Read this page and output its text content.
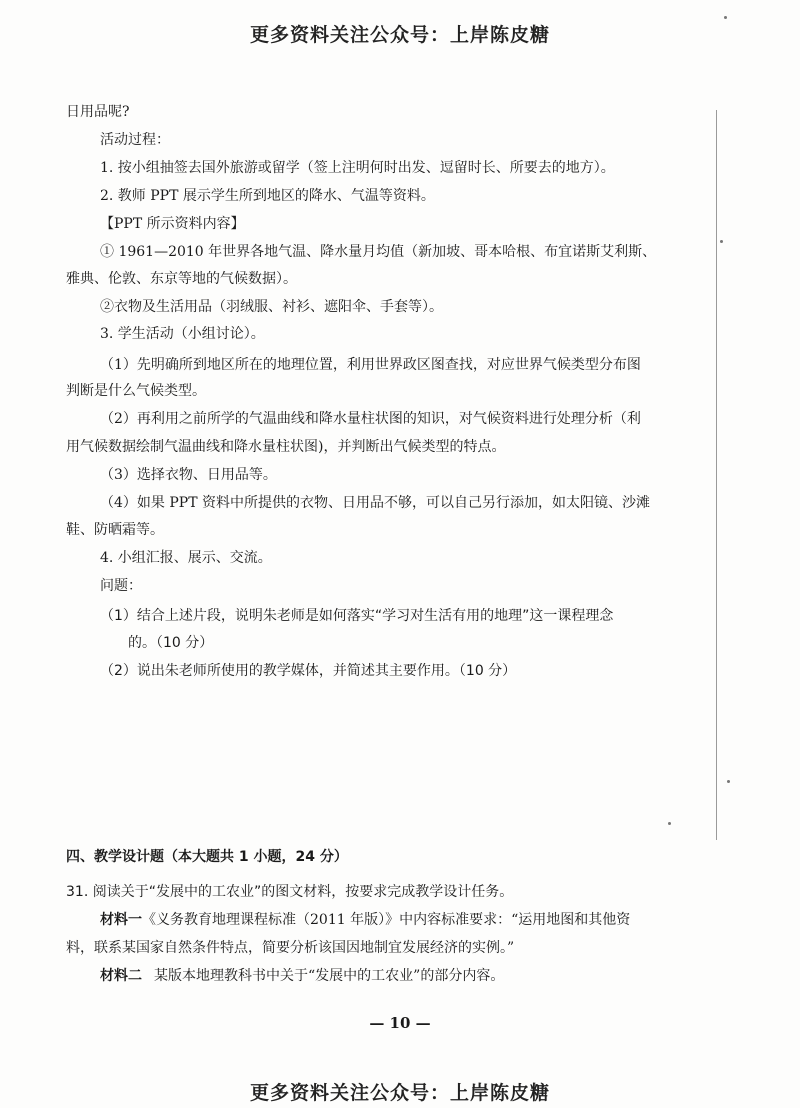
更多资料关注公众号：上岸陈皮糖
日用品呢?
活动过程：
1. 按小组抽签去国外旅游或留学（签上注明何时出发、逗留时长、所要去的地方）。
2. 教师 PPT 展示学生所到地区的降水、气温等资料。
【PPT 所示资料内容】
① 1961—2010 年世界各地气温、降水量月均值（新加坡、哥本哈根、布宜诺斯艾利斯、
雅典、伦敦、东京等地的气候数据）。
②衣物及生活用品（羽绒服、衬衫、遮阳伞、手套等）。
3. 学生活动（小组讨论）。
（1）先明确所到地区所在的地理位置，利用世界政区图查找，对应世界气候类型分布图
判断是什么气候类型。
（2）再利用之前所学的气温曲线和降水量柱状图的知识，对气候资料进行处理分析（利
用气候数据绘制气温曲线和降水量柱状图)，并判断出气候类型的特点。
（3）选择衣物、日用品等。
（4）如果 PPT 资料中所提供的衣物、日用品不够，可以自己另行添加，如太阳镜、沙滩
鞋、防晒霜等。
4. 小组汇报、展示、交流。
问题：
（1）结合上述片段，说明朱老师是如何落实“学习对生活有用的地理”这一课程理念
的。（10 分）
（2）说出朱老师所使用的教学媒体，并简述其主要作用。（10 分）
四、教学设计题（本大题共 1 小题，24 分）
31. 阅读关于“发展中的工农业”的图文材料，按要求完成教学设计任务。
材料一《义务教育地理课程标准（2011 年版）》中内容标准要求：“运用地图和其他资
料，联系某国家自然条件特点，简要分析该国因地制宜发展经济的实例。”
材料二 某版本地理教科书中关于“发展中的工农业”的部分内容。
— 10 —
更多资料关注公众号：上岸陈皮糖
